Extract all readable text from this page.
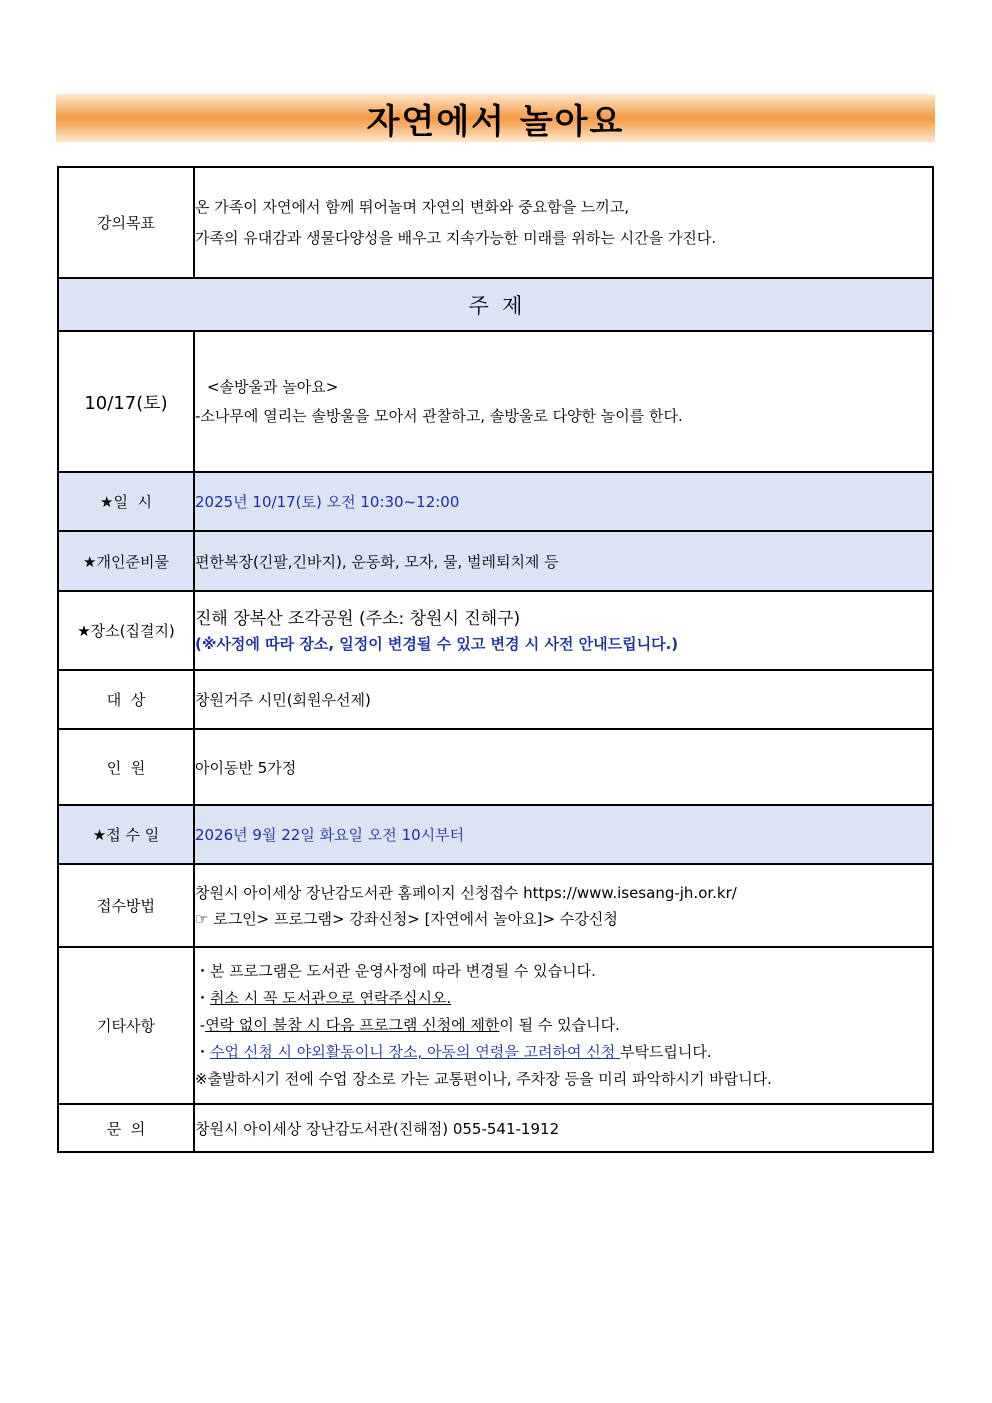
자연에서 놀아요
강의목표	온 가족이 자연에서 함께 뛰어놀며 자연의 변화와 중요함을 느끼고,
가족의 유대감과 생물다양성을 배우고 지속가능한 미래를 위하는 시간을 가진다.

주  제	
10/17(토)	<솔방울과 놀아요>
-소나무에 열리는 솔방울을 모아서 관찰하고, 솔방울로 다양한 놀이를 한다.

★일  시	2025년 10/17(토) 오전 10:30~12:00
★개인준비물	편한복장(긴팔,긴바지), 운동화, 모자, 물, 벌레퇴치제 등
★장소(집결지)	진해 장복산 조각공원 (주소: 창원시 진해구)
(※사정에 따라 장소, 일정이 변경될 수 있고 변경 시 사전 안내드립니다.)

대  상	창원거주 시민(회원우선제)
인  원	아이동반 5가정
★접 수 일	2026년 9월 22일 화요일 오전 10시부터
접수방법	창원시 아이세상 장난감도서관 홈페이지 신청접수 https://www.isesang-jh.or.kr/
☞ 로그인> 프로그램> 강좌신청> [자연에서 놀아요]> 수강신청

기타사항	・본 프로그램은 도서관 운영사정에 따라 변경될 수 있습니다.
・취소 시 꼭 도서관으로 연락주십시오.
-연락 없이 불참 시 다음 프로그램 신청에 제한이 될 수 있습니다.
・수업 신청 시 야외활동이니 장소, 아동의 연령을 고려하여 신청 부탁드립니다.
※출발하시기 전에 수업 장소로 가는 교통편이나, 주차장 등을 미리 파악하시기 바랍니다.

문  의	창원시 아이세상 장난감도서관(진해점) 055-541-1912
